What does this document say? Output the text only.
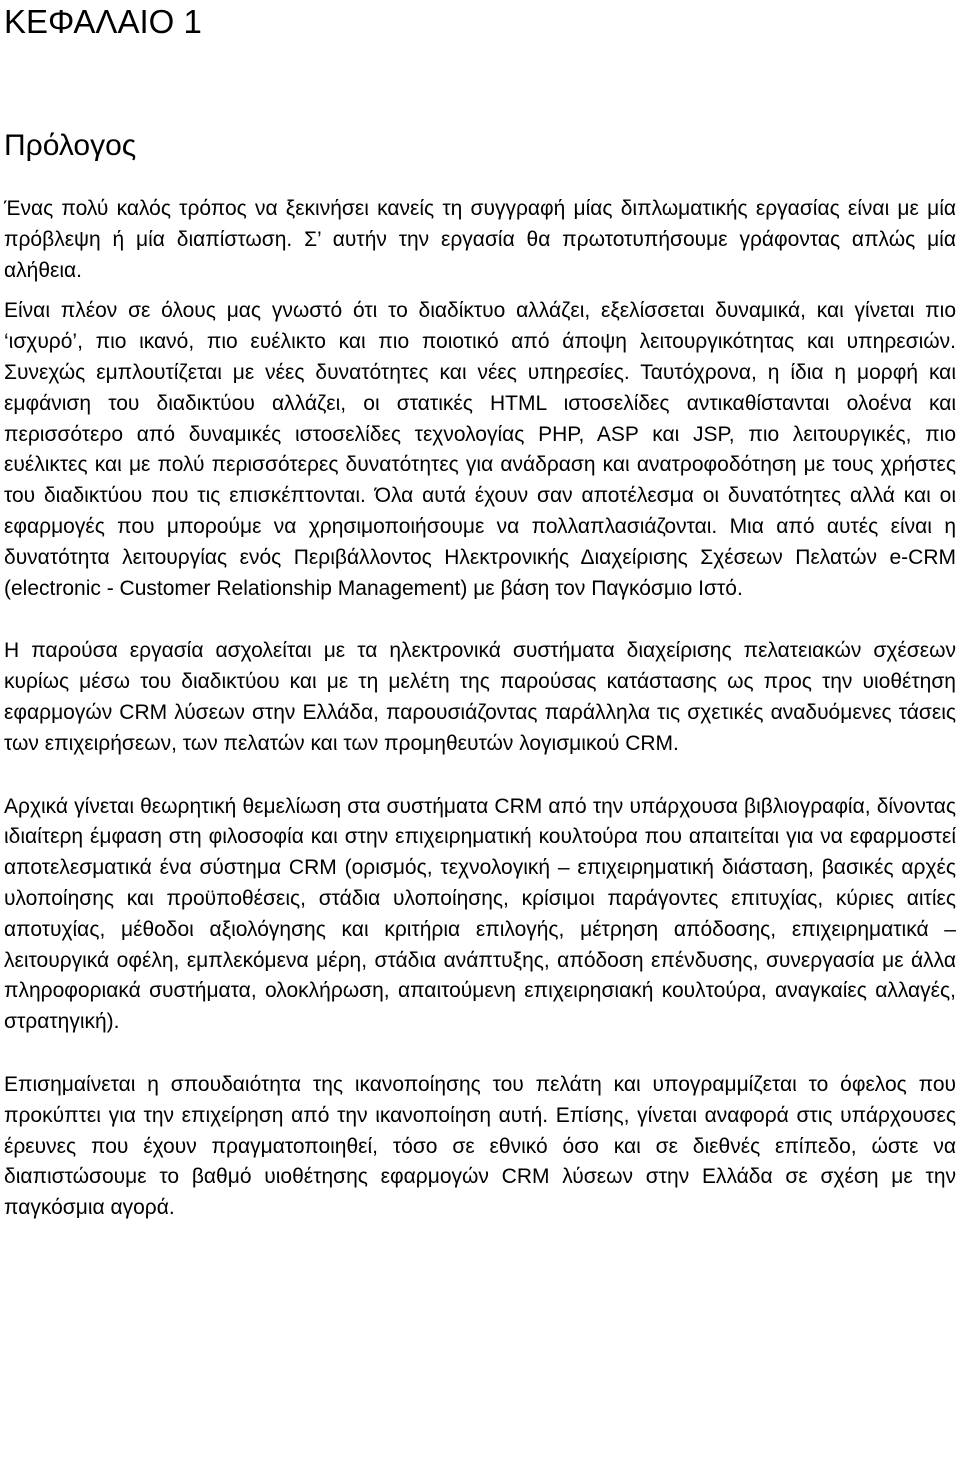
ΚΕΦΑΛΑΙΟ 1
Πρόλογος

Ένας πολύ καλός τρόπος να ξεκινήσει κανείς τη συγγραφή μίας διπλωματικής εργασίας είναι με μία πρόβλεψη ή μία διαπίστωση. Σ’ αυτήν την εργασία θα πρωτοτυπήσουμε γράφοντας απλώς μία αλήθεια.

Είναι πλέον σε όλους μας γνωστό ότι το διαδίκτυο αλλάζει, εξελίσσεται δυναμικά, και γίνεται πιο ‘ισχυρό’, πιο ικανό, πιο ευέλικτο και πιο ποιοτικό από άποψη λειτουργικότητας και υπηρεσιών. Συνεχώς εμπλουτίζεται με νέες δυνατότητες και νέες υπηρεσίες. Ταυτόχρονα, η ίδια η μορφή και εμφάνιση του διαδικτύου αλλάζει, οι στατικές HTML ιστοσελίδες αντικαθίστανται ολοένα και περισσότερο από δυναμικές ιστοσελίδες τεχνολογίας PHP, ASP και JSP, πιο λειτουργικές, πιο ευέλικτες και με πολύ περισσότερες δυνατότητες για ανάδραση και ανατροφοδότηση με τους χρήστες του διαδικτύου που τις επισκέπτονται. Όλα αυτά έχουν σαν αποτέλεσμα οι δυνατότητες αλλά και οι εφαρμογές που μπορούμε να χρησιμοποιήσουμε να πολλαπλασιάζονται. Μια από αυτές είναι η δυνατότητα λειτουργίας ενός Περιβάλλοντος Ηλεκτρονικής Διαχείρισης Σχέσεων Πελατών e-CRM (electronic - Customer Relationship Management) με βάση τον Παγκόσμιο Ιστό.

Η παρούσα εργασία ασχολείται με τα ηλεκτρονικά συστήματα διαχείρισης πελατειακών σχέσεων κυρίως μέσω του διαδικτύου και με τη μελέτη της παρούσας κατάστασης ως προς την υιοθέτηση εφαρμογών CRM λύσεων στην Ελλάδα, παρουσιάζοντας παράλληλα τις σχετικές αναδυόμενες τάσεις των επιχειρήσεων, των πελατών και των προμηθευτών λογισμικού CRM.

Αρχικά γίνεται θεωρητική θεμελίωση στα συστήματα CRM από την υπάρχουσα βιβλιογραφία, δίνοντας ιδιαίτερη έμφαση στη φιλοσοφία και στην επιχειρηματική κουλτούρα που απαιτείται για να εφαρμοστεί αποτελεσματικά ένα σύστημα CRM (ορισμός, τεχνολογική – επιχειρηματική διάσταση, βασικές αρχές υλοποίησης και προϋποθέσεις, στάδια υλοποίησης, κρίσιμοι παράγοντες επιτυχίας, κύριες αιτίες αποτυχίας, μέθοδοι αξιολόγησης και κριτήρια επιλογής, μέτρηση απόδοσης, επιχειρηματικά – λειτουργικά οφέλη, εμπλεκόμενα μέρη, στάδια ανάπτυξης, απόδοση επένδυσης, συνεργασία με άλλα πληροφοριακά συστήματα, ολοκλήρωση, απαιτούμενη επιχειρησιακή κουλτούρα, αναγκαίες αλλαγές, στρατηγική).

Επισημαίνεται η σπουδαιότητα της ικανοποίησης του πελάτη και υπογραμμίζεται το όφελος που προκύπτει για την επιχείρηση από την ικανοποίηση αυτή. Επίσης, γίνεται αναφορά στις υπάρχουσες έρευνες που έχουν πραγματοποιηθεί, τόσο σε εθνικό όσο και σε διεθνές επίπεδο, ώστε να διαπιστώσουμε το βαθμό υιοθέτησης εφαρμογών CRM λύσεων στην Ελλάδα σε σχέση με την παγκόσμια αγορά.
